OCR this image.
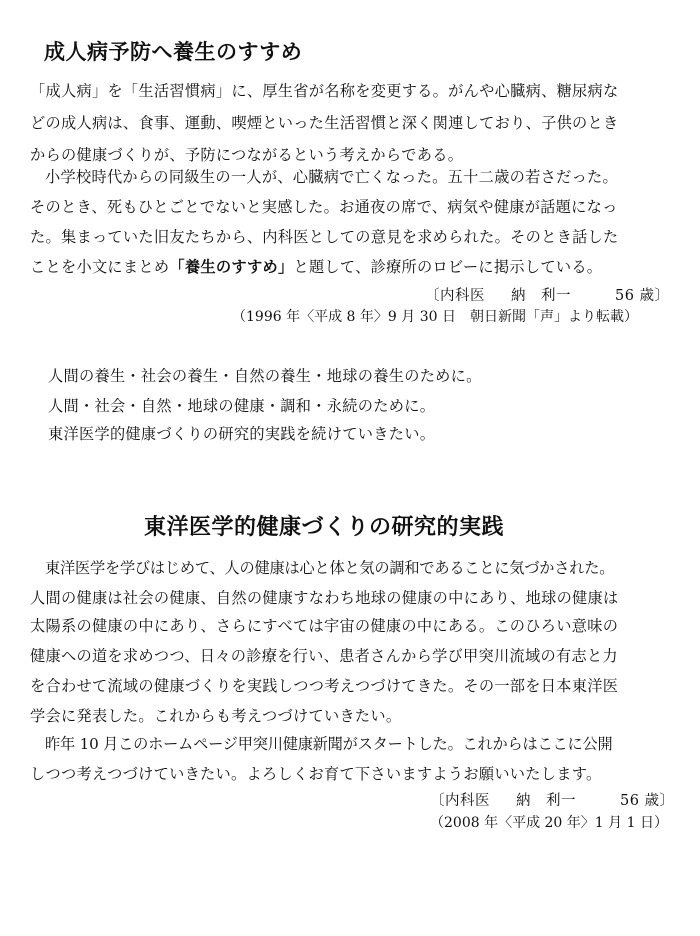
成人病予防へ養生のすすめ
「成人病」を「生活習慣病」に、厚生省が名称を変更する。がんや心臓病、糖尿病な
どの成人病は、食事、運動、喫煙といった生活習慣と深く関連しており、子供のとき
からの健康づくりが、予防につながるという考えからである。
小学校時代からの同級生の一人が、心臓病で亡くなった。五十二歳の若さだった。
そのとき、死もひとごとでないと実感した。お通夜の席で、病気や健康が話題になっ
た。集まっていた旧友たちから、内科医としての意見を求められた。そのとき話した
ことを小文にまとめ「養生のすすめ」と題して、診療所のロビーに掲示している。
〔内科医 納　利一	56 歳〕
（1996 年〈平成 8 年〉9 月 30 日　朝日新聞「声」より転載）
人間の養生・社会の養生・自然の養生・地球の養生のために。
人間・社会・自然・地球の健康・調和・永続のために。
東洋医学的健康づくりの研究的実践を続けていきたい。
東洋医学的健康づくりの研究的実践
東洋医学を学びはじめて、人の健康は心と体と気の調和であることに気づかされた。
人間の健康は社会の健康、自然の健康すなわち地球の健康の中にあり、地球の健康は
太陽系の健康の中にあり、さらにすべては宇宙の健康の中にある。このひろい意味の
健康への道を求めつつ、日々の診療を行い、患者さんから学び甲突川流域の有志と力
を合わせて流域の健康づくりを実践しつつ考えつづけてきた。その一部を日本東洋医
学会に発表した。これからも考えつづけていきたい。
昨年 10 月このホームページ甲突川健康新聞がスタートした。これからはここに公開
しつつ考えつづけていきたい。よろしくお育て下さいますようお願いいたします。
〔内科医 納　利一	56 歳〕
（2008 年〈平成 20 年〉1 月 1 日）
